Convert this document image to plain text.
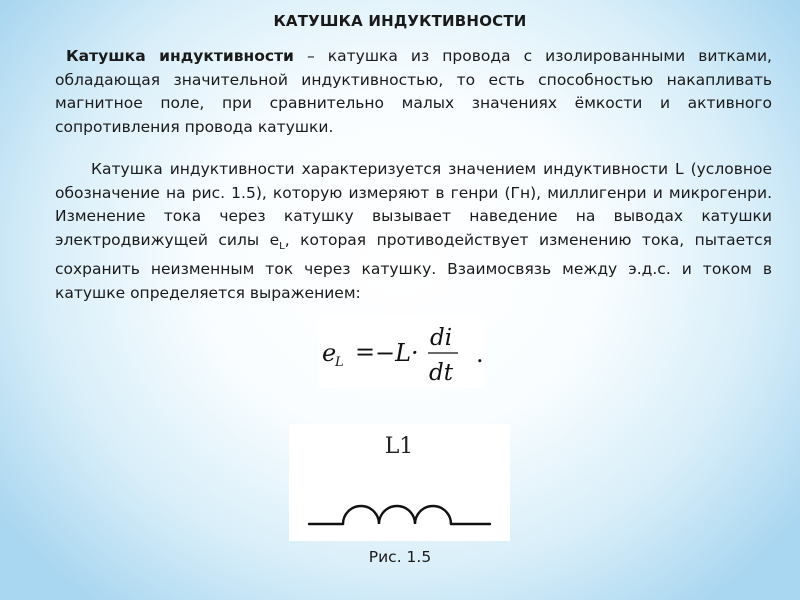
КАТУШКА ИНДУКТИВНОСТИ

Катушка индуктивности – катушка из провода с изолированными витками, обладающая значительной индуктивностью, то есть способностью накапливать магнитное поле, при сравнительно малых значениях ёмкости и активного сопротивления провода катушки.

Катушка индуктивности характеризуется значением индуктивности L (условное обозначение на рис. 1.5), которую измеряют в генри (Гн), миллигенри и микрогенри. Изменение тока через катушку вызывает наведение на выводах катушки электродвижущей силы $e_L$, которая противодействует изменению тока, пытается сохранить неизменным ток через катушку. Взаимосвязь между э.д.с. и током в катушке определяется выражением:

e
L = −L·
di
dt
.
L1
Рис. 1.5
